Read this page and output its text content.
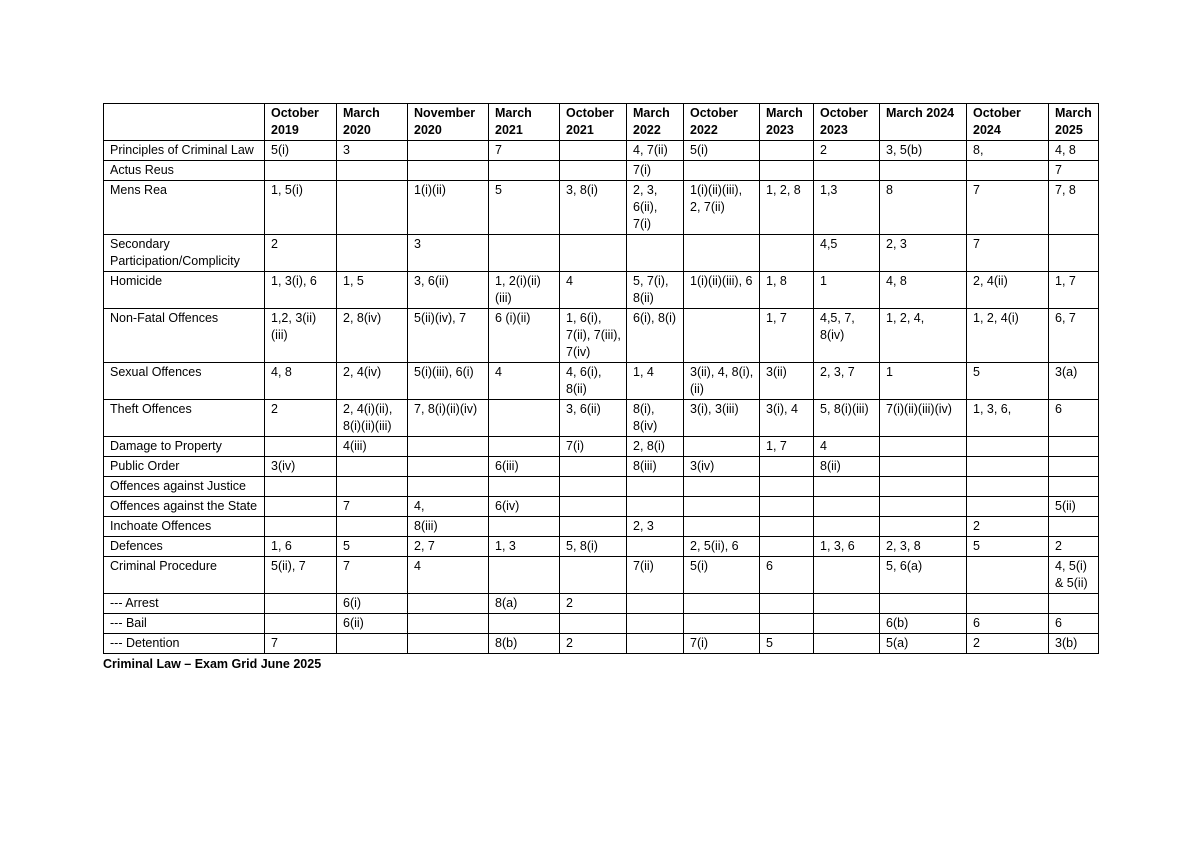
	October 2019	March 2020	November 2020	March 2021	October 2021	March 2022	October 2022	March 2023	October 2023	March 2024	October 2024	March 2025
Principles of Criminal Law	5(i)	3		7		4, 7(ii)	5(i)		2	3, 5(b)	8,	4, 8
Actus Reus						7(i)						7
Mens Rea	1, 5(i)		1(i)(ii)	5	3, 8(i)	2, 3, 6(ii), 7(i)	1(i)(ii)(iii), 2, 7(ii)	1, 2, 8	1,3	8	7	7, 8
Secondary Participation/Complicity	2		3						4,5	2, 3	7	
Homicide	1, 3(i), 6	1, 5	3, 6(ii)	1, 2(i)(ii)(iii)	4	5, 7(i), 8(ii)	1(i)(ii)(iii), 6	1, 8	1	4, 8	2, 4(ii)	1, 7
Non-Fatal Offences	1,2, 3(ii)(iii)	2, 8(iv)	5(ii)(iv), 7	6 (i)(ii)	1, 6(i), 7(ii), 7(iii), 7(iv)	6(i), 8(i)		1, 7	4,5, 7, 8(iv)	1, 2, 4,	1, 2, 4(i)	6, 7
Sexual Offences	4, 8	2, 4(iv)	5(i)(iii), 6(i)	4	4, 6(i), 8(ii)	1, 4	3(ii), 4, 8(i),(ii)	3(ii)	2, 3, 7	1	5	3(a)
Theft Offences	2	2, 4(i)(ii), 8(i)(ii)(iii)	7, 8(i)(ii)(iv)		3, 6(ii)	8(i), 8(iv)	3(i), 3(iii)	3(i), 4	5, 8(i)(iii)	7(i)(ii)(iii)(iv)	1, 3, 6,	6
Damage to Property		4(iii)			7(i)	2, 8(i)		1, 7	4			
Public Order	3(iv)			6(iii)		8(iii)	3(iv)		8(ii)			
Offences against Justice												
Offences against the State		7	4,	6(iv)								5(ii)
Inchoate Offences			8(iii)			2, 3					2	
Defences	1, 6	5	2, 7	1, 3	5, 8(i)		2, 5(ii), 6		1, 3, 6	2, 3, 8	5	2
Criminal Procedure	5(ii), 7	7	4			7(ii)	5(i)	6		5, 6(a)		4, 5(i) & 5(ii)
--- Arrest		6(i)		8(a)	2							
--- Bail		6(ii)								6(b)	6	6
--- Detention	7			8(b)	2		7(i)	5		5(a)	2	3(b)
Criminal Law – Exam Grid June 2025
